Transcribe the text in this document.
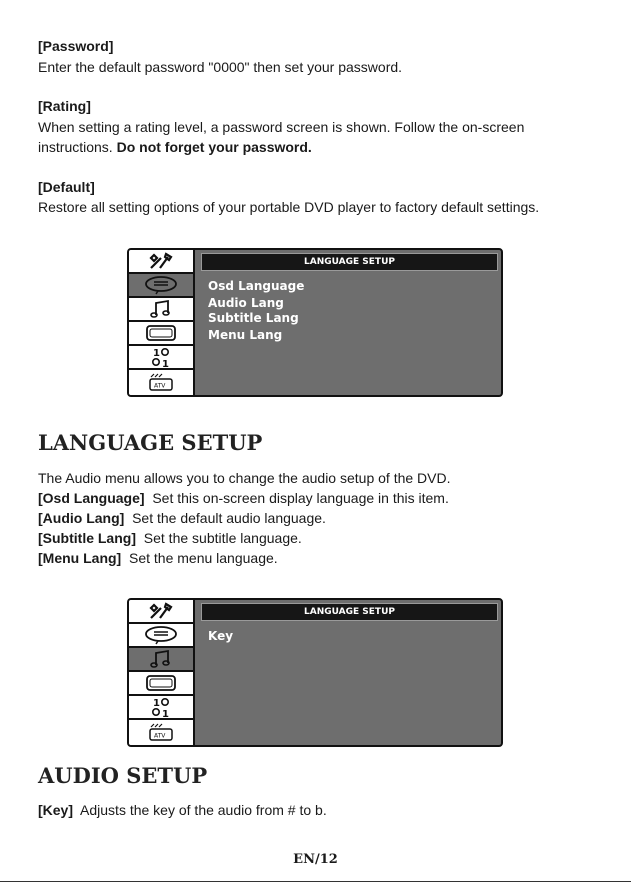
[Password]
Enter the default password "0000" then set your password.
[Rating]
When setting a rating level, a password screen is shown. Follow the on-screen
instructions. Do not forget your password.
[Default]
Restore all setting options of your portable DVD player to factory default settings.
1
1
ATV
LANGUAGE SETUP
Osd Language
Audio Lang
Subtitle Lang
Menu Lang
LANGUAGE SETUP
The Audio menu allows you to change the audio setup of the DVD.
[Osd Language] Set this on-screen display language in this item.
[Audio Lang] Set the default audio language.
[Subtitle Lang] Set the subtitle language.
[Menu Lang] Set the menu language.
1
1
ATV
LANGUAGE SETUP
Key
AUDIO SETUP
[Key] Adjusts the key of the audio from # to b.
EN/12
